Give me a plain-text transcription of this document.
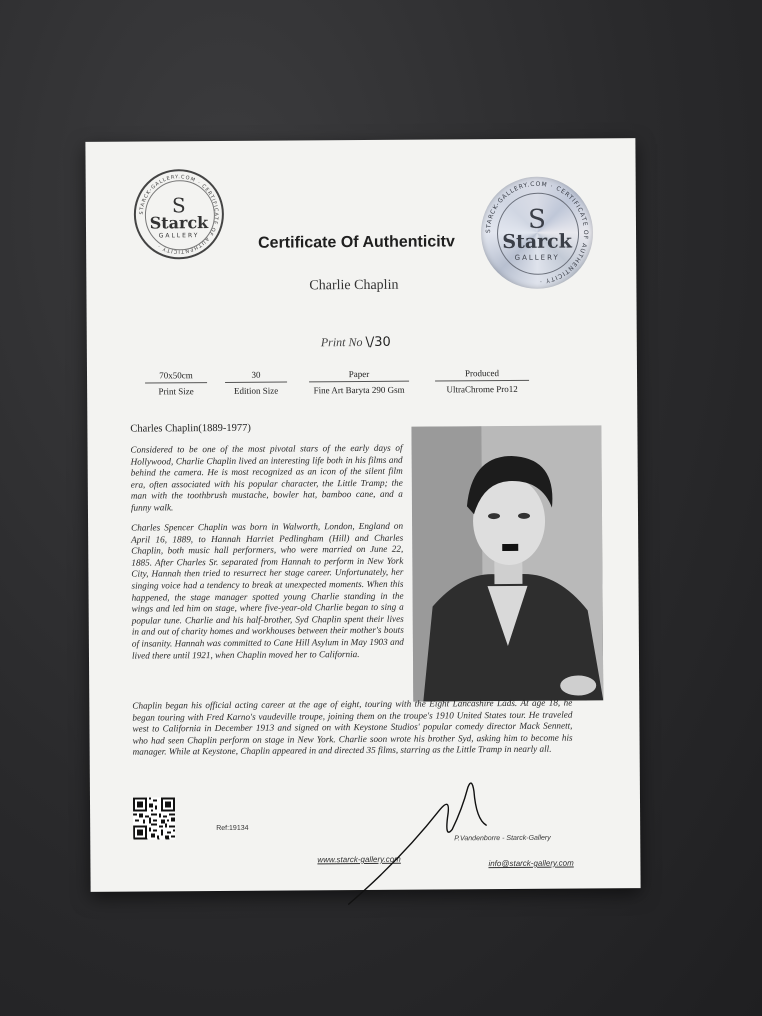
STARCK-GALLERY.COM · CERTIFICATE OF AUTHENTICITY ·
S
Starck
GALLERY	Certificate Of Authenticitv
STARCK-GALLERY.COM · CERTIFICATE OF AUTHENTICITY ·
S
Starck
GALLERY
Charlie Chaplin
Print No \/30
70x50cm
Print Size
30
Edition Size
Paper
Fine Art Baryta 290 Gsm
Produced
UltraChrome Pro12
Charles Chaplin(1889-1977)
Considered to be one of the most pivotal stars of the early days of Hollywood, Charlie Chaplin lived an interesting life both in his films and behind the camera. He is most recognized as an icon of the silent film era, often associated with his popular character, the Little Tramp; the man with the toothbrush mustache, bowler hat, bamboo cane, and a funny walk.
Charles Spencer Chaplin was born in Walworth, London, England on April 16, 1889, to Hannah Harriet Pedlingham (Hill) and Charles Chaplin, both music hall performers, who were married on June 22, 1885. After Charles Sr. separated from Hannah to perform in New York City, Hannah then tried to resurrect her stage career. Unfortunately, her singing voice had a tendency to break at unexpected moments. When this happened, the stage manager spotted young Charlie standing in the wings and led him on stage, where five-year-old Charlie began to sing a popular tune. Charlie and his half-brother, Syd Chaplin spent their lives in and out of charity homes and workhouses between their mother's bouts of insanity. Hannah was committed to Cane Hill Asylum in May 1903 and lived there until 1921, when Chaplin moved her to California.
Chaplin began his official acting career at the age of eight, touring with the Eight Lancashire Lads. At age 18, he began touring with Fred Karno's vaudeville troupe, joining them on the troupe's 1910 United States tour. He traveled west to California in December 1913 and signed on with Keystone Studios' popular comedy director Mack Sennett, who had seen Chaplin perform on stage in New York. Charlie soon wrote his brother Syd, asking him to become his manager. While at Keystone, Chaplin appeared in and directed 35 films, starring as the Little Tramp in nearly all.
Ref:19134
www.starck-gallery.com
P.Vandenborre - Starck-Gallery
info@starck-gallery.com
